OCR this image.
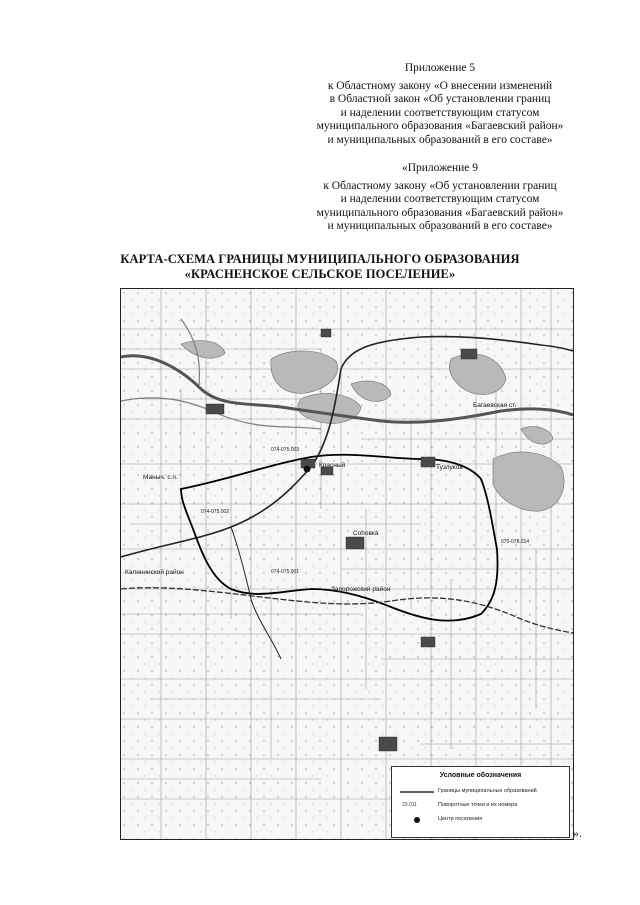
Приложение 5
к Областному закону «О внесении изменений
в Областной закон «Об установлении границ
и наделении соответствующим статусом
муниципального образования «Багаевский район»
и муниципальных образований в его составе»
«Приложение 9
к Областному закону «Об установлении границ
и наделении соответствующим статусом
муниципального образования «Багаевский район»
и муниципальных образований в его составе»
КАРТА-СХЕМА ГРАНИЦЫ МУНИЦИПАЛЬНОГО ОБРАЗОВАНИЯ
«КРАСНЕНСКОЕ СЕЛЬСКОЕ ПОСЕЛЕНИЕ»
Красный	Тузлуков
Соповка
Маныч. с.п.
Запорожский район
Багаевская ст.
Калининский район	074-075.001
074-075.002
074-075.003
075-078.014
Условные обозначения
Границы муниципальных образований
23.011	Поворотные точки и их номера
Центр поселения
».
